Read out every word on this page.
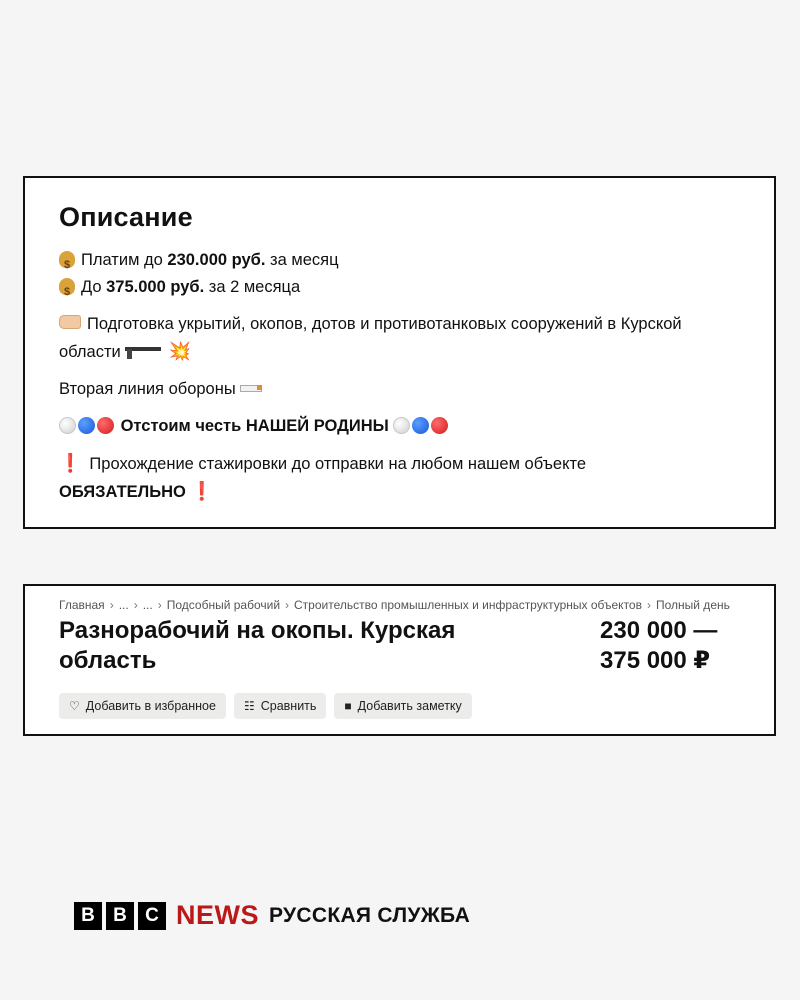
Описание
$Платим до 230.000 руб. за месяц
$До 375.000 руб. за 2 месяца
Подготовка укрытий, окопов, дотов и противотанковых сооружений в Курской
области	💥
Вторая линия обороны
Отстоим честь НАШЕЙ РОДИНЫ
❗ Прохождение стажировки до отправки на любом нашем объекте
ОБЯЗАТЕЛЬНО ❗
Главная › ... › ... › Подсобный рабочий › Строительство промышленных и инфраструктурных объектов › Полный день
Разнорабочий на окопы. Курская область
230 000 —
375 000 ₽
♡ Добавить в избранное ☷ Сравнить ■ Добавить заметку
B B C NEWS РУССКАЯ СЛУЖБА
